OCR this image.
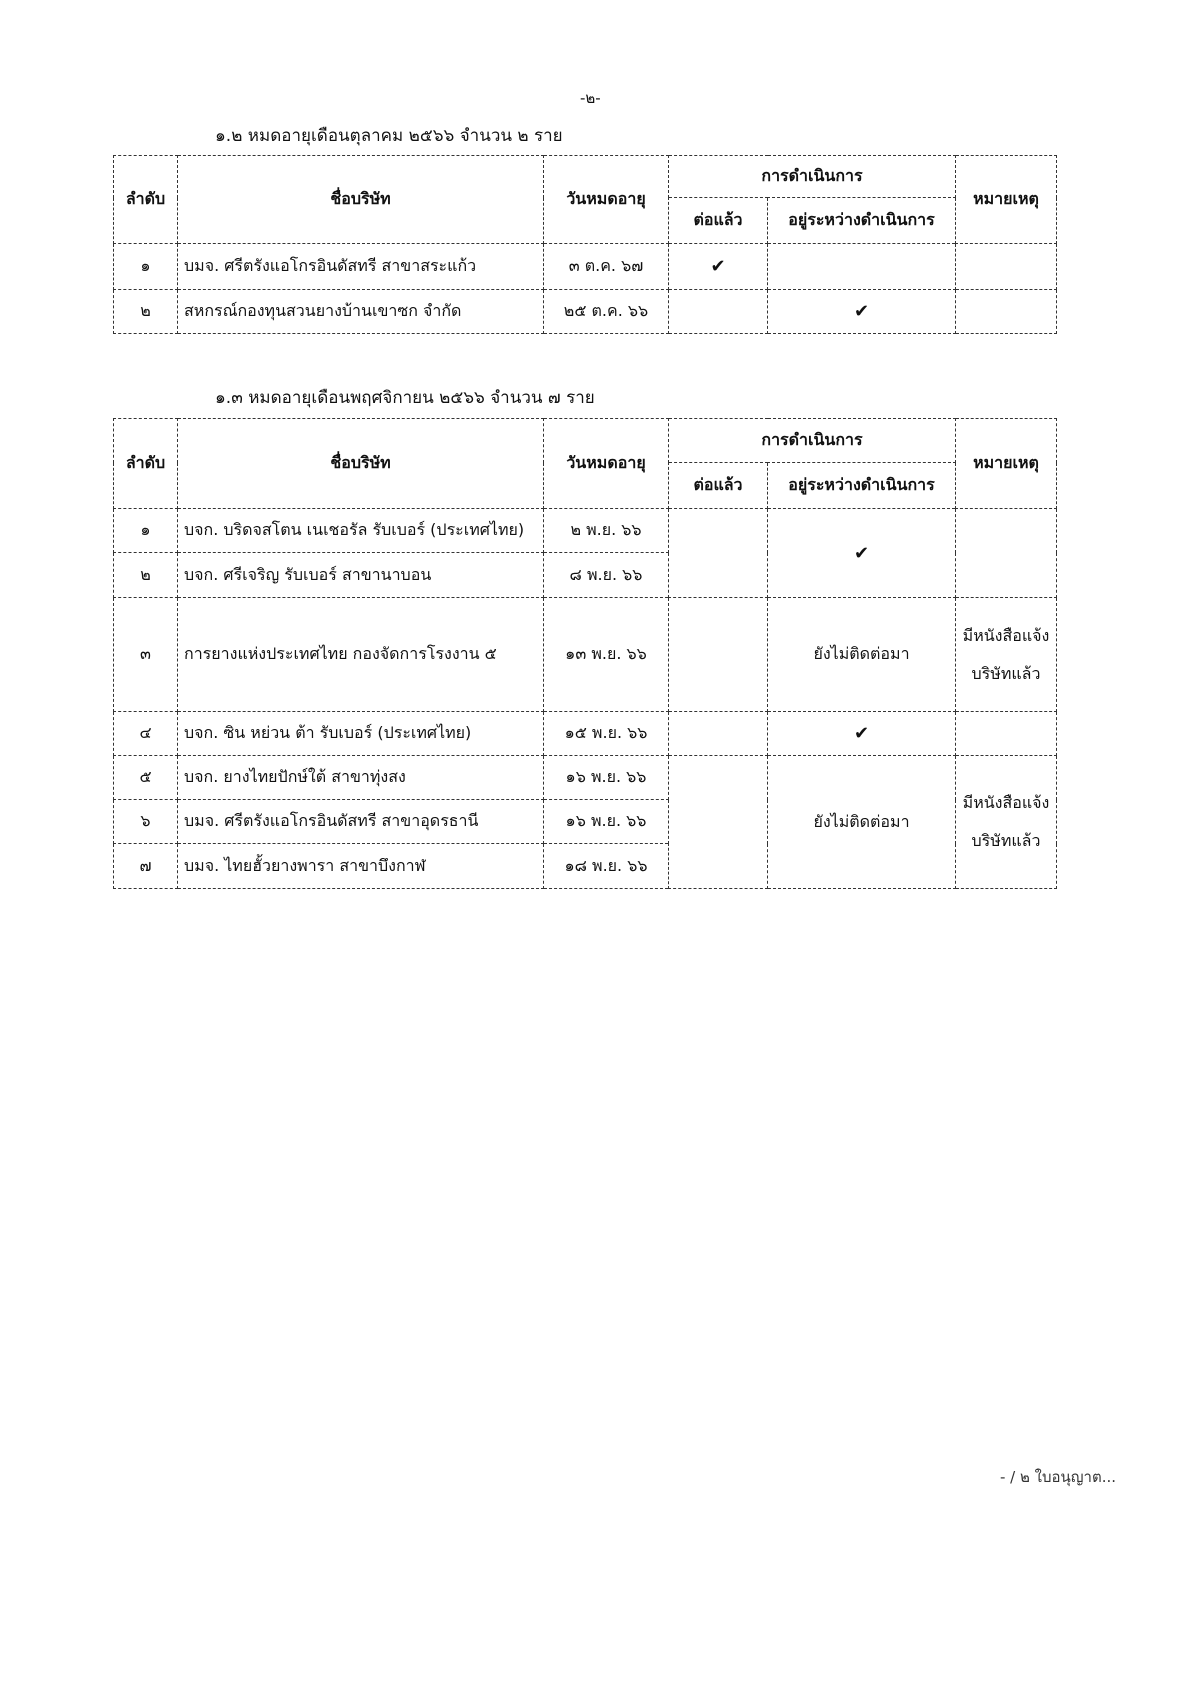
-๒-
๑.๒ หมดอายุเดือนตุลาคม ๒๕๖๖ จำนวน ๒ ราย
ลำดับ	ชื่อบริษัท	วันหมดอายุ	การดำเนินการ		หมายเหตุ
			ต่อแล้ว	อยู่ระหว่างดำเนินการ	
๑	บมจ. ศรีตรังแอโกรอินดัสทรี สาขาสระแก้ว	๓ ต.ค. ๖๗	✔		
๒	สหกรณ์กองทุนสวนยางบ้านเขาซก จำกัด	๒๕ ต.ค. ๖๖		✔	
๑.๓ หมดอายุเดือนพฤศจิกายน ๒๕๖๖ จำนวน ๗ ราย
ลำดับ	ชื่อบริษัท	วันหมดอายุ	การดำเนินการ		หมายเหตุ
			ต่อแล้ว	อยู่ระหว่างดำเนินการ	
๑	บจก. บริดจสโตน เนเชอรัล รับเบอร์ (ประเทศไทย)	๒ พ.ย. ๖๖		✔	
๒	บจก. ศรีเจริญ รับเบอร์ สาขานาบอน	๘ พ.ย. ๖๖			
๓	การยางแห่งประเทศไทย กองจัดการโรงงาน ๕	๑๓ พ.ย. ๖๖		ยังไม่ติดต่อมา	มีหนังสือแจ้งบริษัทแล้ว
๔	บจก. ซิน หย่วน ต้า รับเบอร์ (ประเทศไทย)	๑๕ พ.ย. ๖๖		✔	
๕	บจก. ยางไทยปักษ์ใต้ สาขาทุ่งสง	๑๖ พ.ย. ๖๖		ยังไม่ติดต่อมา	มีหนังสือแจ้งบริษัทแล้ว
๖	บมจ. ศรีตรังแอโกรอินดัสทรี สาขาอุดรธานี	๑๖ พ.ย. ๖๖			
๗	บมจ. ไทยฮั้วยางพารา สาขาบึงกาฬ	๑๘ พ.ย. ๖๖			
- / ๒ ใบอนุญาต...
